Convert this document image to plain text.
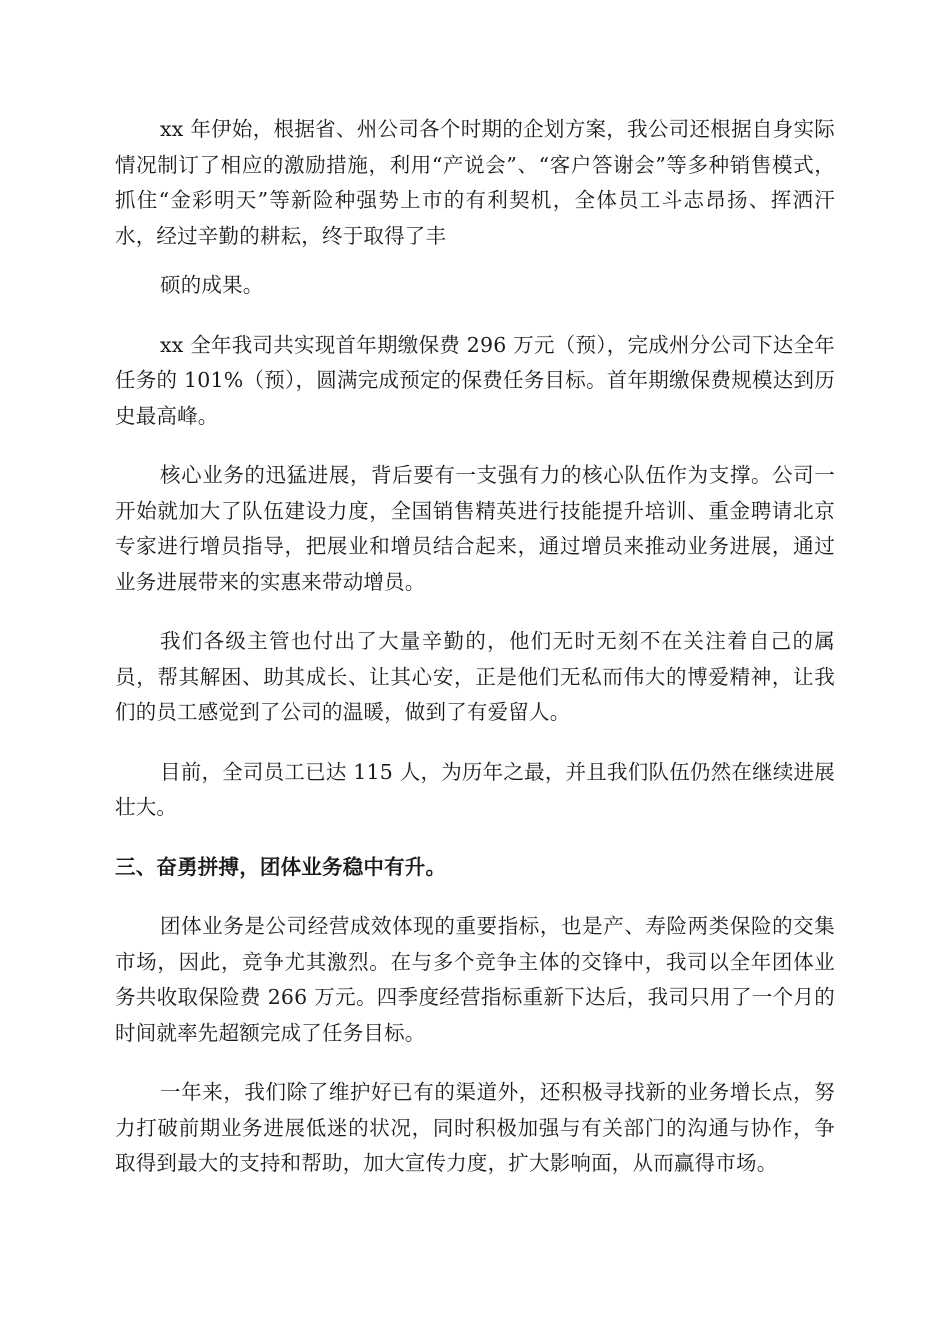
xx 年伊始，根据省、州公司各个时期的企划方案，我公司还根据自身实际情况制订了相应的激励措施，利用“产说会”、“客户答谢会”等多种销售模式，抓住“金彩明天”等新险种强势上市的有利契机，全体员工斗志昂扬、挥洒汗水，经过辛勤的耕耘，终于取得了丰

硕的成果。

xx 全年我司共实现首年期缴保费 296 万元（预），完成州分公司下达全年任务的 101%（预），圆满完成预定的保费任务目标。首年期缴保费规模达到历史最高峰。

核心业务的迅猛进展，背后要有一支强有力的核心队伍作为支撑。公司一开始就加大了队伍建设力度，全国销售精英进行技能提升培训、重金聘请北京专家进行增员指导，把展业和增员结合起来，通过增员来推动业务进展，通过业务进展带来的实惠来带动增员。

我们各级主管也付出了大量辛勤的，他们无时无刻不在关注着自己的属员，帮其解困、助其成长、让其心安，正是他们无私而伟大的博爱精神，让我们的员工感觉到了公司的温暖，做到了有爱留人。

目前，全司员工已达 115 人，为历年之最，并且我们队伍仍然在继续进展壮大。

三、奋勇拼搏，团体业务稳中有升。

团体业务是公司经营成效体现的重要指标，也是产、寿险两类保险的交集市场，因此，竞争尤其激烈。在与多个竞争主体的交锋中，我司以全年团体业务共收取保险费 266 万元。四季度经营指标重新下达后，我司只用了一个月的时间就率先超额完成了任务目标。

一年来，我们除了维护好已有的渠道外，还积极寻找新的业务增长点，努力打破前期业务进展低迷的状况，同时积极加强与有关部门的沟通与协作，争取得到最大的支持和帮助，加大宣传力度，扩大影响面，从而赢得市场。
